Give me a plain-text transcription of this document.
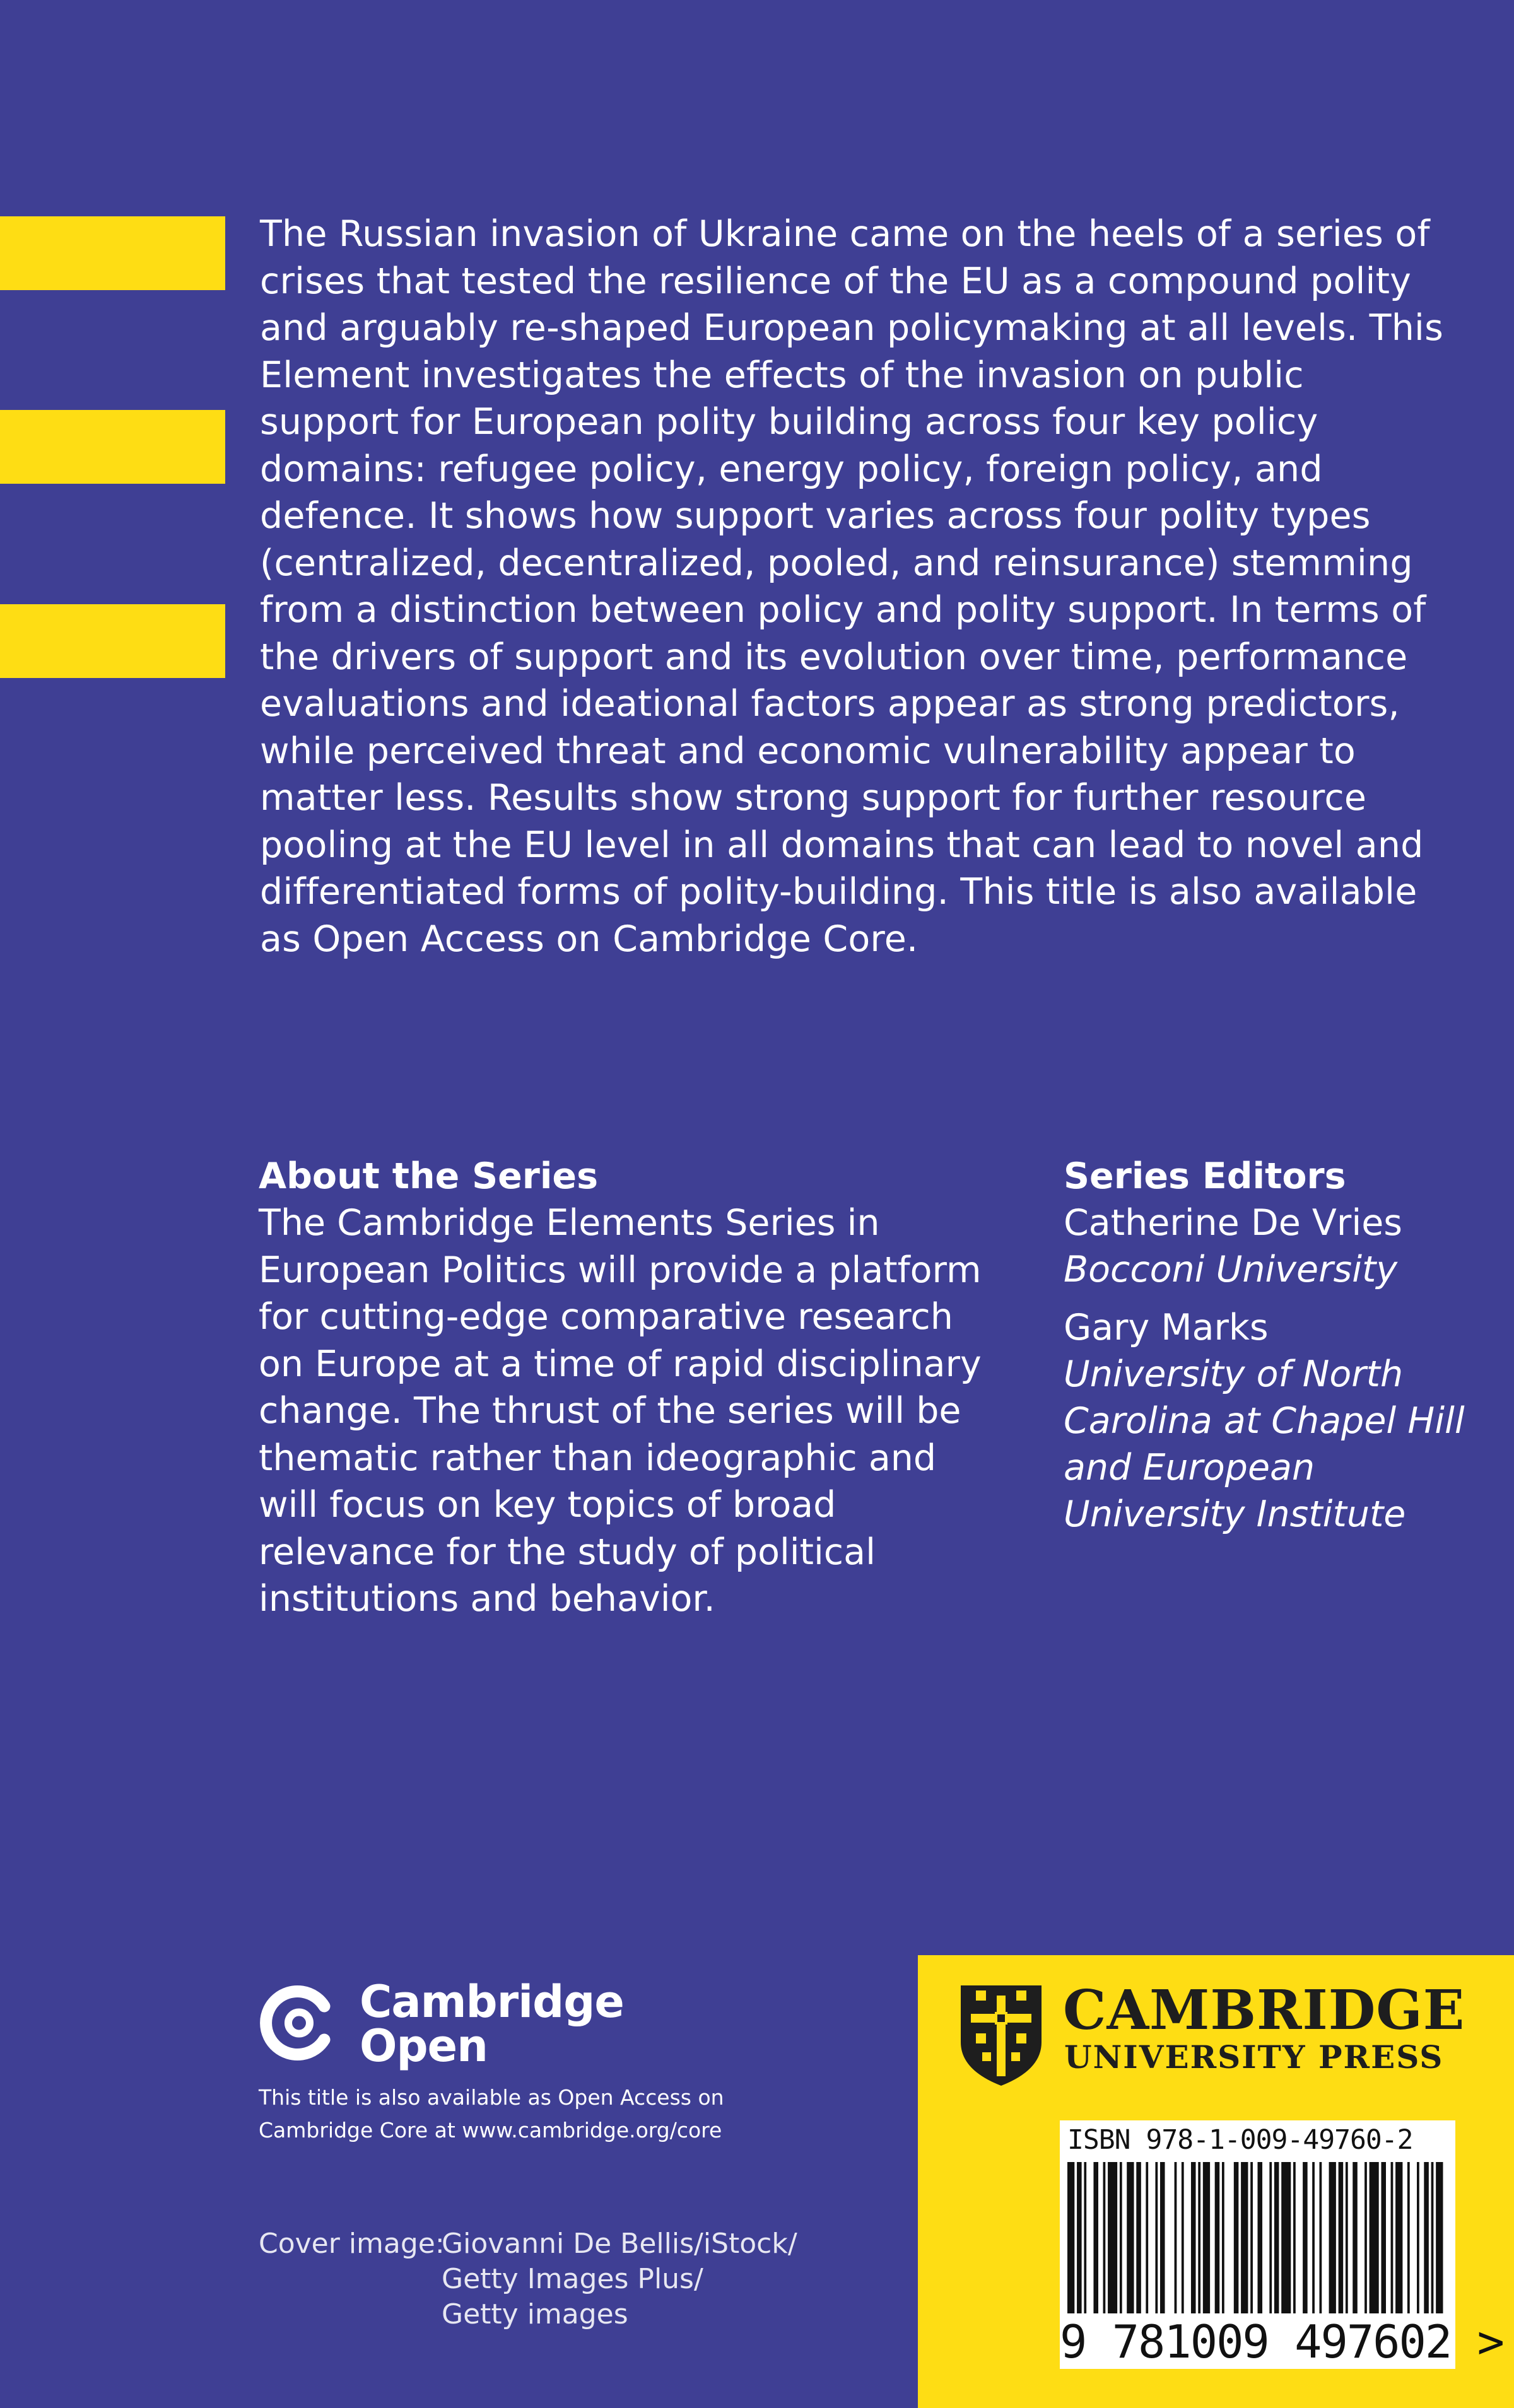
The Russian invasion of Ukraine came on the heels of a series of crises that tested the resilience of the EU as a compound polity and arguably re-shaped European policymaking at all levels. This Element investigates the effects of the invasion on public support for European polity building across four key policy domains: refugee policy, energy policy, foreign policy, and defence. It shows how support varies across four polity types (centralized, decentralized, pooled, and reinsurance) stemming from a distinction between policy and polity support. In terms of the drivers of support and its evolution over time, performance evaluations and ideational factors appear as strong predictors, while perceived threat and economic vulnerability appear to matter less. Results show strong support for further resource pooling at the EU level in all domains that can lead to novel and differentiated forms of polity-building. This title is also available as Open Access on Cambridge Core.

About the Series

The Cambridge Elements Series in European Politics will provide a platform for cutting-edge comparative research on Europe at a time of rapid disciplinary change. The thrust of the series will be thematic rather than ideographic and will focus on key topics of broad relevance for the study of political institutions and behavior.

Series Editors

Catherine De Vries
Bocconi University
Gary Marks
University of North Carolina at Chapel Hill and European University Institute
Cambridge
Open
This title is also available as Open Access on Cambridge Core at www.cambridge.org/core
Cover image:
Giovanni De Bellis/iStock/
Getty Images Plus/
Getty images
CAMBRIDGE
UNIVERSITY PRESS
ISBN 978-1-009-49760-2
9 781009 497602 >
